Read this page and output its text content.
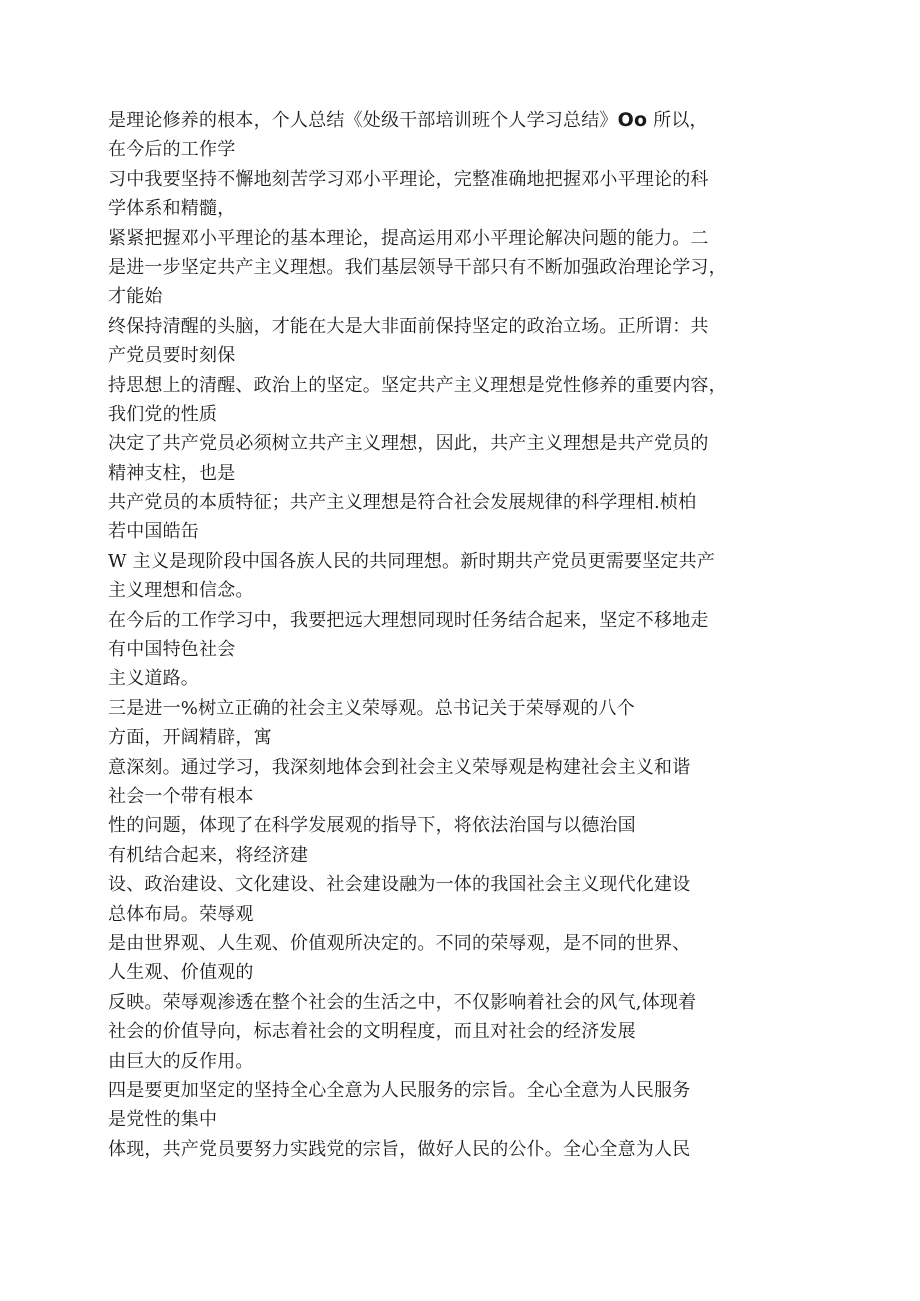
是理论修养的根本，个人总结《处级干部培训班个人学习总结》Oo 所以，
在今后的工作学
习中我要坚持不懈地刻苦学习邓小平理论，完整准确地把握邓小平理论的科
学体系和精髓，
紧紧把握邓小平理论的基本理论，提高运用邓小平理论解决问题的能力。二
是进一步坚定共产主义理想。我们基层领导干部只有不断加强政治理论学习，
才能始
终保持清醒的头脑，才能在大是大非面前保持坚定的政治立场。正所谓：共
产党员要时刻保
持思想上的清醒、政治上的坚定。坚定共产主义理想是党性修养的重要内容，
我们党的性质
决定了共产党员必须树立共产主义理想，因此，共产主义理想是共产党员的
精神支柱，也是
共产党员的本质特征；共产主义理想是符合社会发展规律的科学理相.桢柏
若中国皓缶
W 主义是现阶段中国各族人民的共同理想。新时期共产党员更需要坚定共产
主义理想和信念。
在今后的工作学习中，我要把远大理想同现时任务结合起来，坚定不移地走
有中国特色社会
主义道路。
三是进一%树立正确的社会主义荣辱观。总书记关于荣辱观的八个
方面，开阔精辟，寓
意深刻。通过学习，我深刻地体会到社会主义荣辱观是构建社会主义和谐
社会一个带有根本
性的问题，体现了在科学发展观的指导下，将依法治国与以德治国
有机结合起来，将经济建
设、政治建设、文化建设、社会建设融为一体的我国社会主义现代化建设
总体布局。荣辱观
是由世界观、人生观、价值观所决定的。不同的荣辱观，是不同的世界、
人生观、价值观的
反映。荣辱观渗透在整个社会的生活之中，不仅影响着社会的风气,体现着
社会的价值导向，标志着社会的文明程度，而且对社会的经济发展
由巨大的反作用。
四是要更加坚定的坚持全心全意为人民服务的宗旨。全心全意为人民服务
是党性的集中
体现，共产党员要努力实践党的宗旨，做好人民的公仆。全心全意为人民
